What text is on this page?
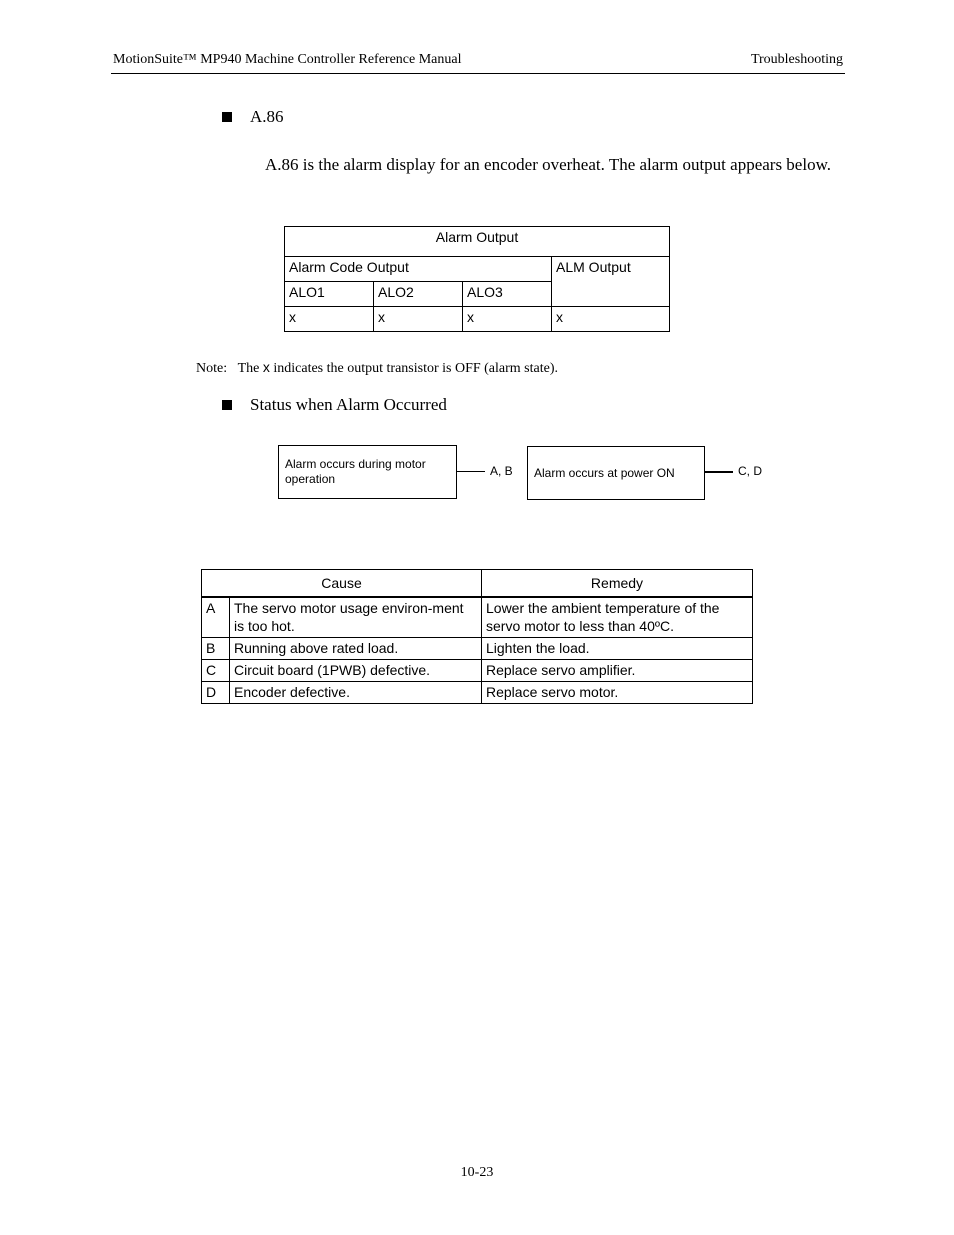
MotionSuite™ MP940 Machine Controller Reference Manual	Troubleshooting
A.86
A.86 is the alarm display for an encoder overheat. The alarm output appears below.
Alarm Output			
Alarm Code Output			ALM Output
ALO1	ALO2	ALO3	
x	x	x	x
Note: The x indicates the output transistor is OFF (alarm state).
Status when Alarm Occurred
Alarm occurs during motor operation
A, B Alarm occurs at power ON	C, D
Cause		Remedy
A	The servo motor usage environ-ment is too hot.	Lower the ambient temperature of the servo motor to less than 40ºC.
B	Running above rated load.	Lighten the load.
C	Circuit board (1PWB) defective.	Replace servo amplifier.
D	Encoder defective.	Replace servo motor.
10-23
